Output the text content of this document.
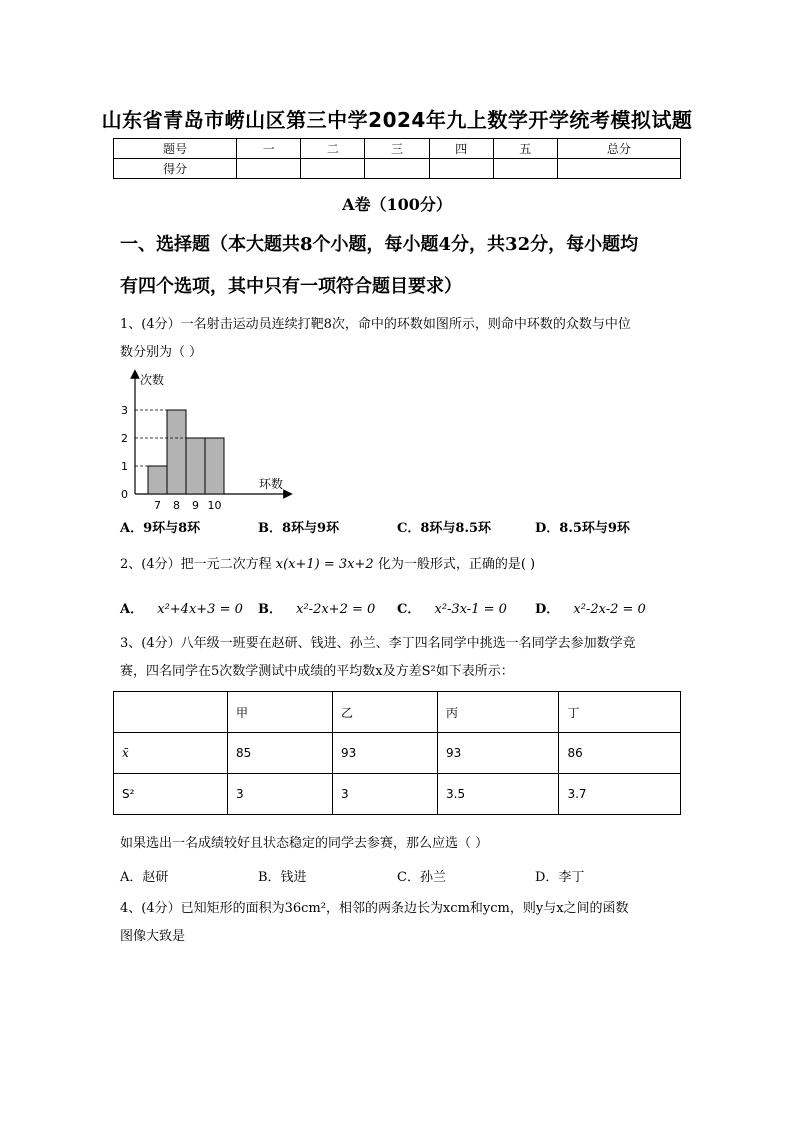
山东省青岛市崂山区第三中学2024年九上数学开学统考模拟试题
题号	一	二	三	四	五	总分
得分						
A卷（100分）
一、选择题（本大题共8个小题，每小题4分，共32分，每小题均
有四个选项，其中只有一项符合题目要求）
1、(4分）一名射击运动员连续打靶8次，命中的环数如图所示，则命中环数的众数与中位
数分别为（ ）
次数
环数
0
1
2
3
7 8 9 10
A．9环与8环	B．8环与9环	C．8环与8.5环	D．8.5环与9环
2、(4分）把一元二次方程 x(x+1) = 3x+2 化为一般形式，正确的是( )
A． x²+4x+3 = 0 B． x²-2x+2 = 0 C． x²-3x-1 = 0 D． x²-2x-2 = 0
3、(4分）八年级一班要在赵研、钱进、孙兰、李丁四名同学中挑选一名同学去参加数学竞
赛，四名同学在5次数学测试中成绩的平均数x及方差S²如下表所示：
	甲	乙	丙	丁
x̄	85	93	93	86
S²	3	3	3.5	3.7
如果选出一名成绩较好且状态稳定的同学去参赛，那么应选（ ）
A．赵研	B．钱进	C．孙兰	D．李丁
4、(4分）已知矩形的面积为36cm²，相邻的两条边长为xcm和ycm，则y与x之间的函数
图像大致是
